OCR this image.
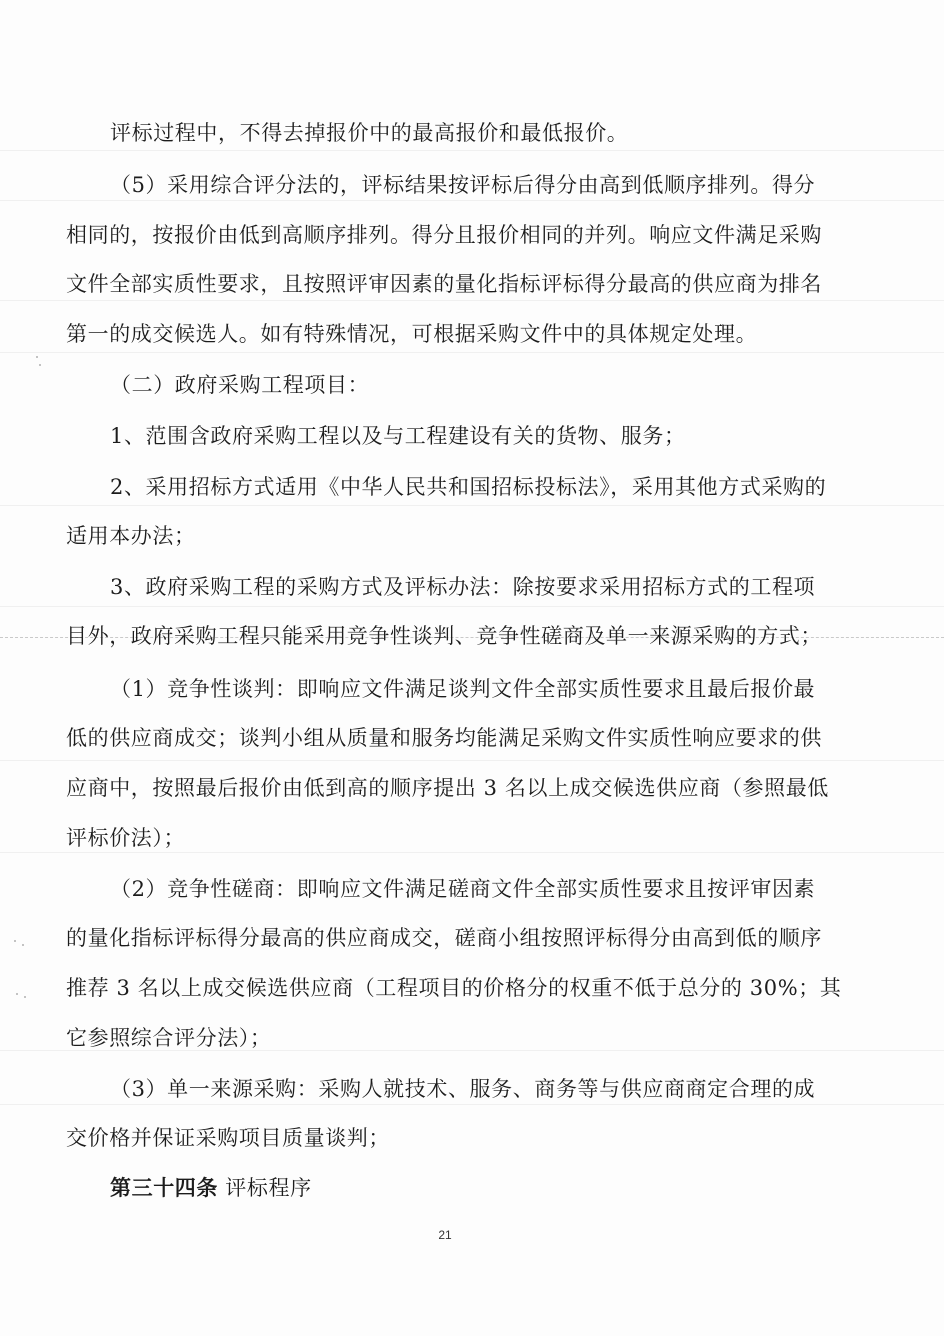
评标过程中，不得去掉报价中的最高报价和最低报价。
（5）采用综合评分法的，评标结果按评标后得分由高到低顺序排列。得分
相同的，按报价由低到高顺序排列。得分且报价相同的并列。响应文件满足采购
文件全部实质性要求，且按照评审因素的量化指标评标得分最高的供应商为排名
第一的成交候选人。如有特殊情况，可根据采购文件中的具体规定处理。
（二）政府采购工程项目：
1、范围含政府采购工程以及与工程建设有关的货物、服务；
2、采用招标方式适用《中华人民共和国招标投标法》，采用其他方式采购的
适用本办法；
3、政府采购工程的采购方式及评标办法：除按要求采用招标方式的工程项
目外，政府采购工程只能采用竞争性谈判、竞争性磋商及单一来源采购的方式；
（1）竞争性谈判：即响应文件满足谈判文件全部实质性要求且最后报价最
低的供应商成交；谈判小组从质量和服务均能满足采购文件实质性响应要求的供
应商中，按照最后报价由低到高的顺序提出 3 名以上成交候选供应商（参照最低
评标价法）；
（2）竞争性磋商：即响应文件满足磋商文件全部实质性要求且按评审因素
的量化指标评标得分最高的供应商成交，磋商小组按照评标得分由高到低的顺序
推荐 3 名以上成交候选供应商（工程项目的价格分的权重不低于总分的 30%；其
它参照综合评分法）；
（3）单一来源采购：采购人就技术、服务、商务等与供应商商定合理的成
交价格并保证采购项目质量谈判；
第三十四条 评标程序
21
